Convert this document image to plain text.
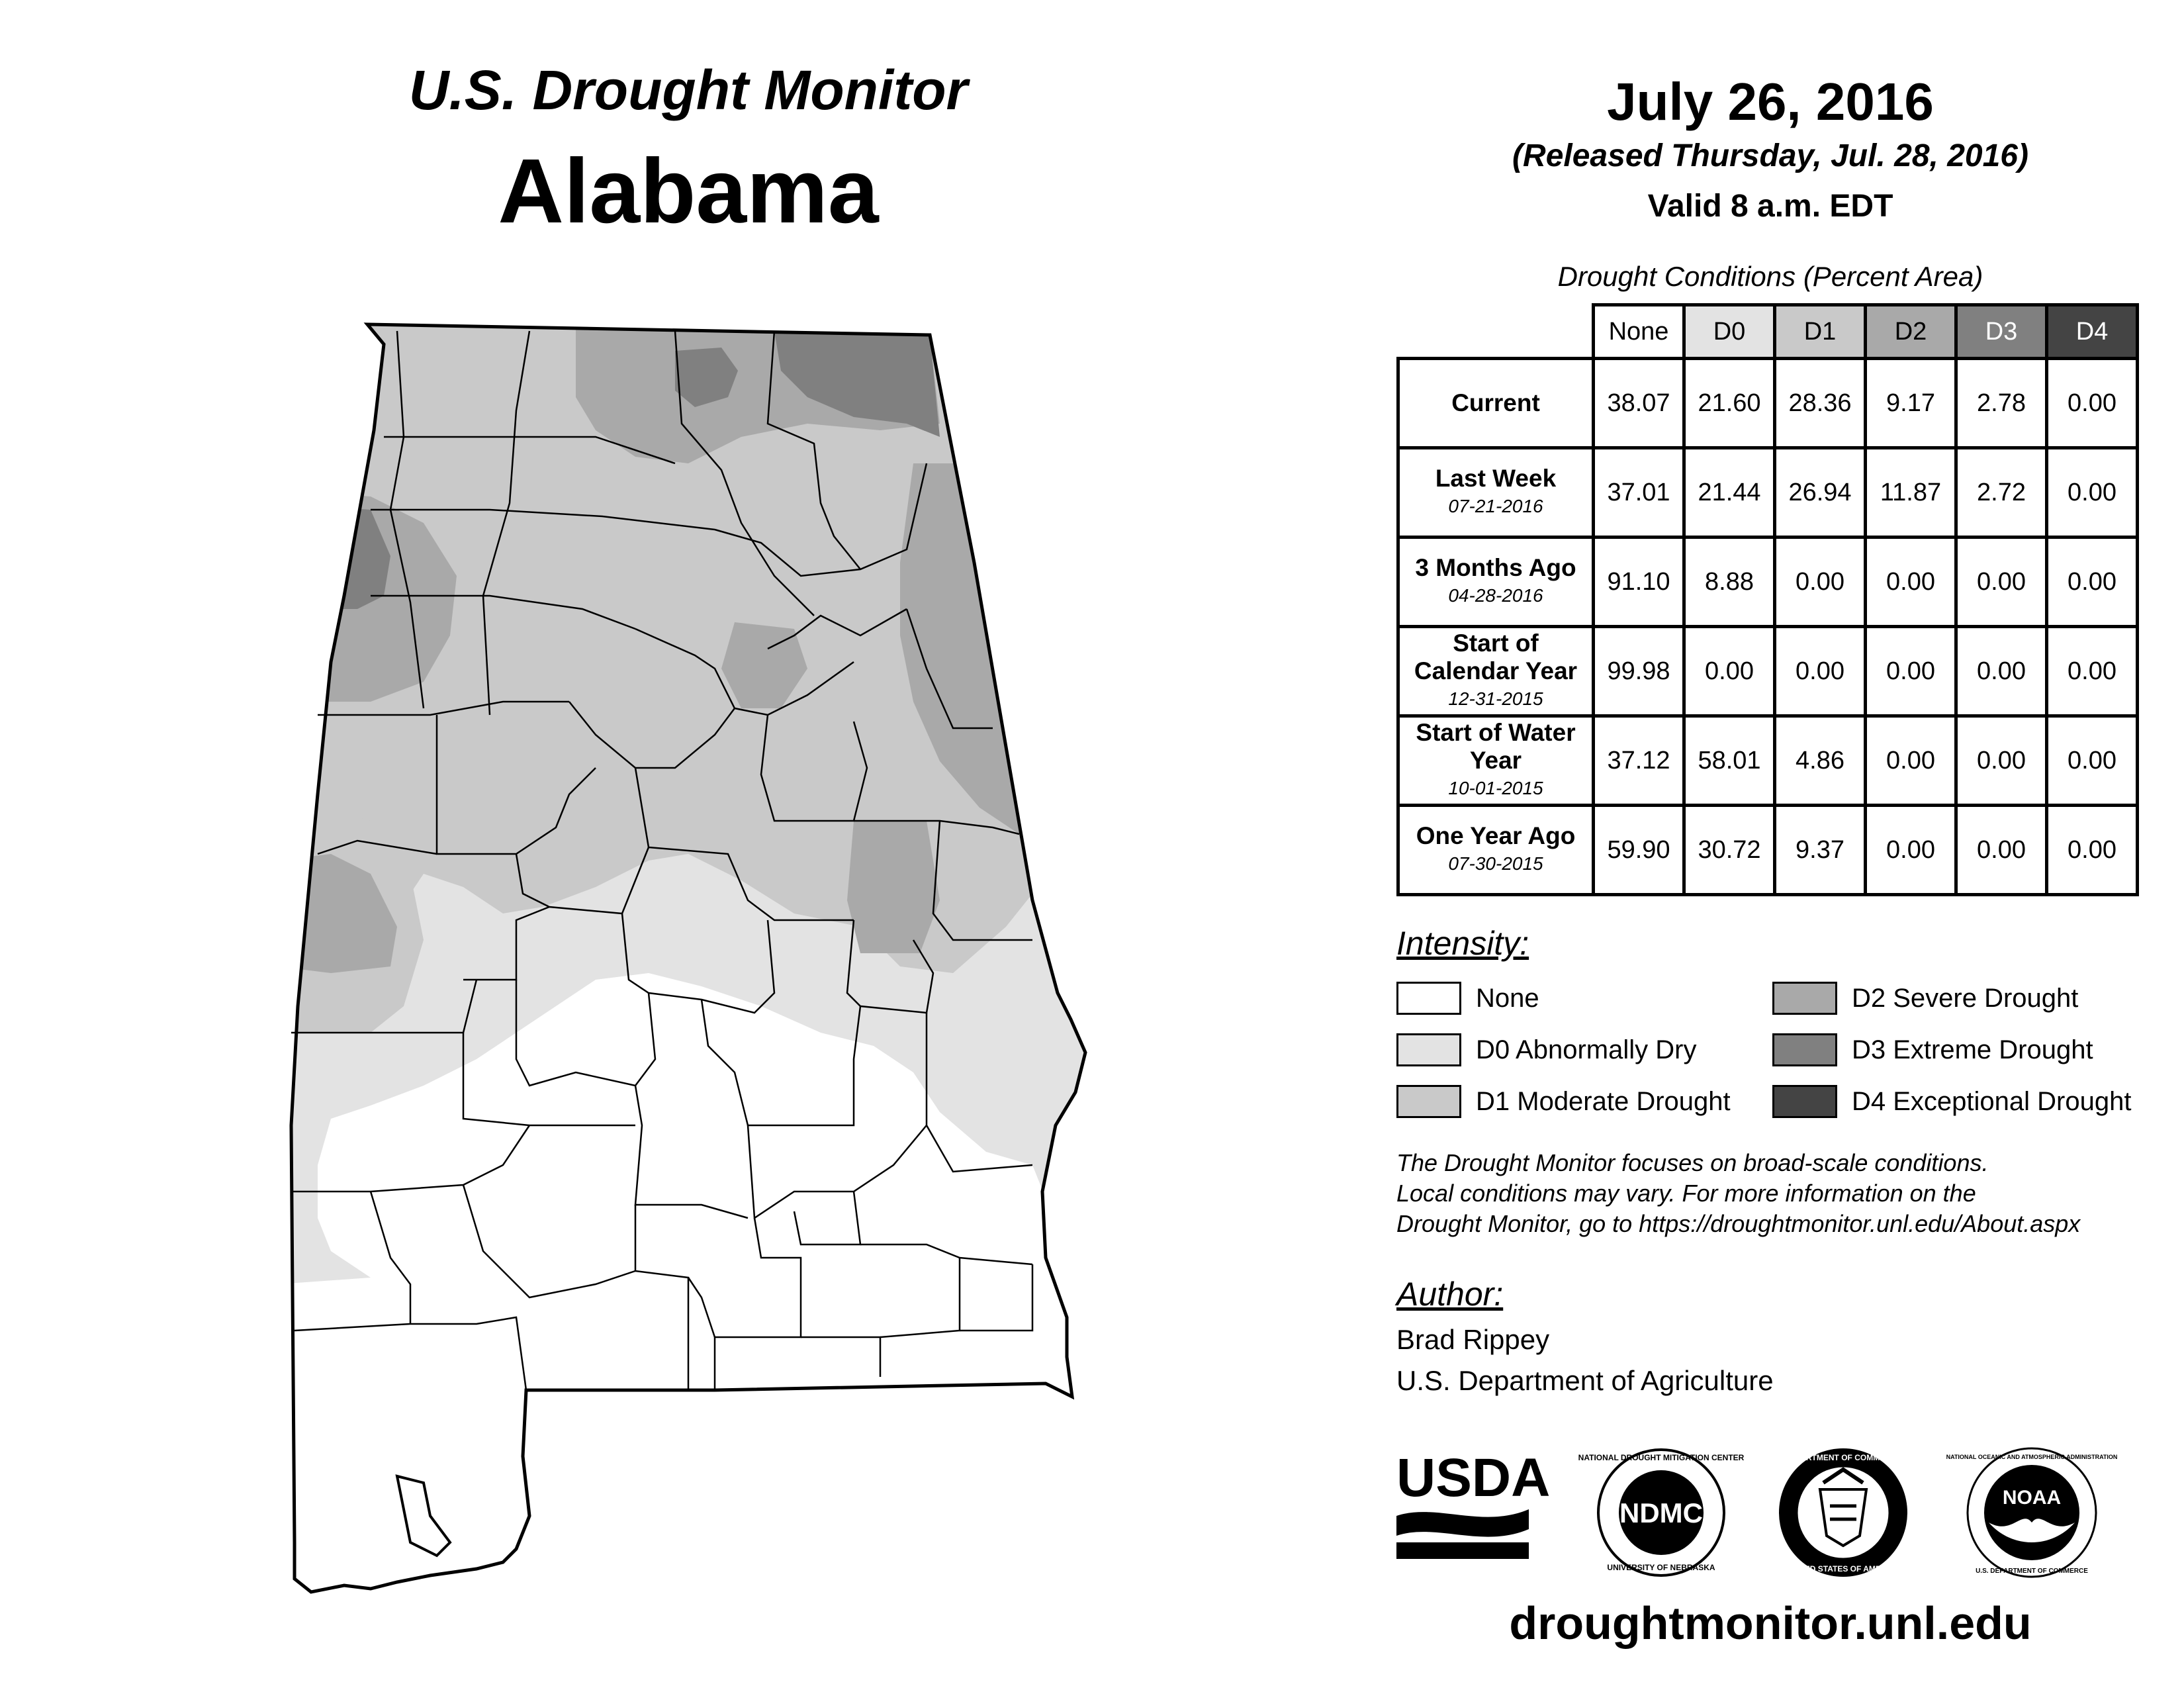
U.S. Drought Monitor
Alabama
July 26, 2016
(Released Thursday, Jul. 28, 2016)
Valid 8 a.m. EDT
Drought Conditions (Percent Area)
	None	D0	D1	D2	D3	D4
Current	38.07	21.60	28.36	9.17	2.78	0.00
Last Week
07-21-2016	37.01	21.44	26.94	11.87	2.72	0.00
3 Months Ago
04-28-2016	91.10	8.88	0.00	0.00	0.00	0.00
Start of Calendar Year
12-31-2015	99.98	0.00	0.00	0.00	0.00	0.00
Start of Water Year
10-01-2015	37.12	58.01	4.86	0.00	0.00	0.00
One Year Ago
07-30-2015	59.90	30.72	9.37	0.00	0.00	0.00
Intensity:
None
D0 Abnormally Dry
D1 Moderate Drought
D2 Severe Drought
D3 Extreme Drought
D4 Exceptional Drought
The Drought Monitor focuses on broad-scale conditions.
Local conditions may vary. For more information on the
Drought Monitor, go to https://droughtmonitor.unl.edu/About.aspx
Author:
Brad Rippey
U.S. Department of Agriculture
USDA
NDMC
NATIONAL DROUGHT MITIGATION CENTER
UNIVERSITY OF NEBRASKA
DEPARTMENT OF COMMERCE
UNITED STATES OF AMERICA
NOAA
NATIONAL OCEANIC AND ATMOSPHERIC ADMINISTRATION
U.S. DEPARTMENT OF COMMERCE
droughtmonitor.unl.edu
